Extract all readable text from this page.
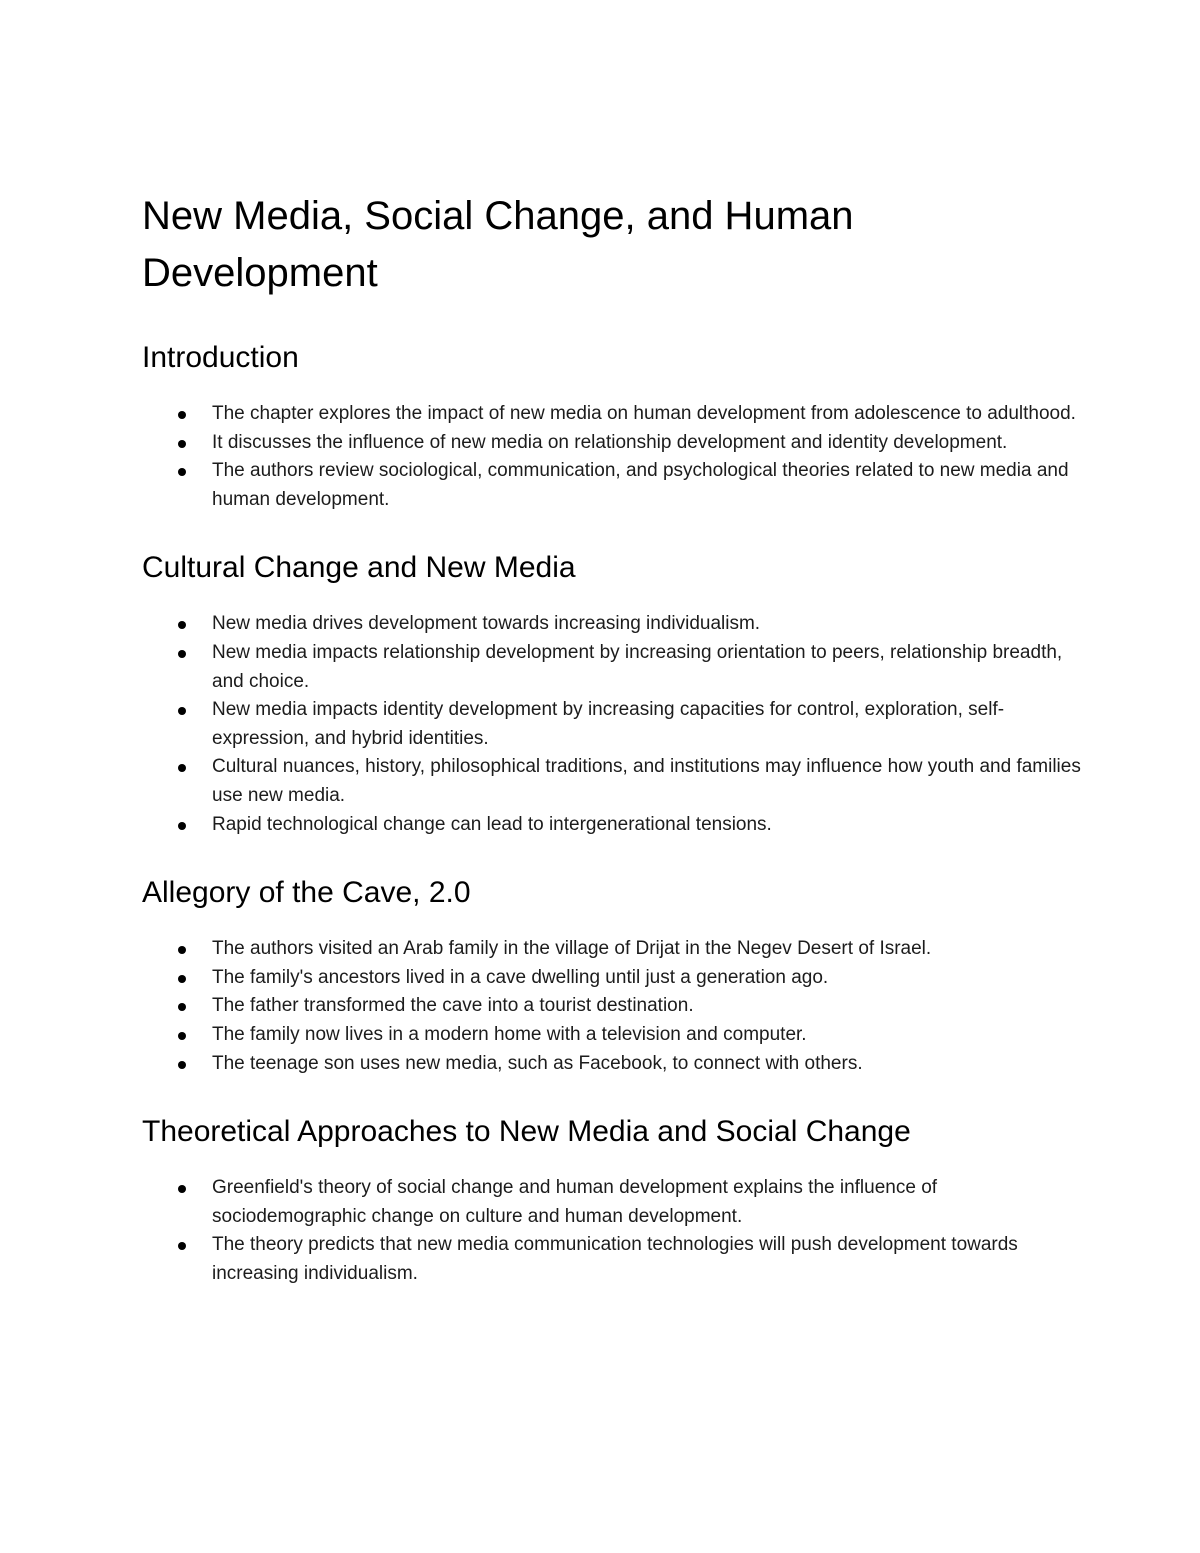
New Media, Social Change, and Human Development
Introduction
The chapter explores the impact of new media on human development from adolescence to adulthood.
It discusses the influence of new media on relationship development and identity development.
The authors review sociological, communication, and psychological theories related to new media and human development.
Cultural Change and New Media
New media drives development towards increasing individualism.
New media impacts relationship development by increasing orientation to peers, relationship breadth, and choice.
New media impacts identity development by increasing capacities for control, exploration, self-expression, and hybrid identities.
Cultural nuances, history, philosophical traditions, and institutions may influence how youth and families use new media.
Rapid technological change can lead to intergenerational tensions.
Allegory of the Cave, 2.0
The authors visited an Arab family in the village of Drijat in the Negev Desert of Israel.
The family's ancestors lived in a cave dwelling until just a generation ago.
The father transformed the cave into a tourist destination.
The family now lives in a modern home with a television and computer.
The teenage son uses new media, such as Facebook, to connect with others.
Theoretical Approaches to New Media and Social Change
Greenfield's theory of social change and human development explains the influence of sociodemographic change on culture and human development.
The theory predicts that new media communication technologies will push development towards increasing individualism.
